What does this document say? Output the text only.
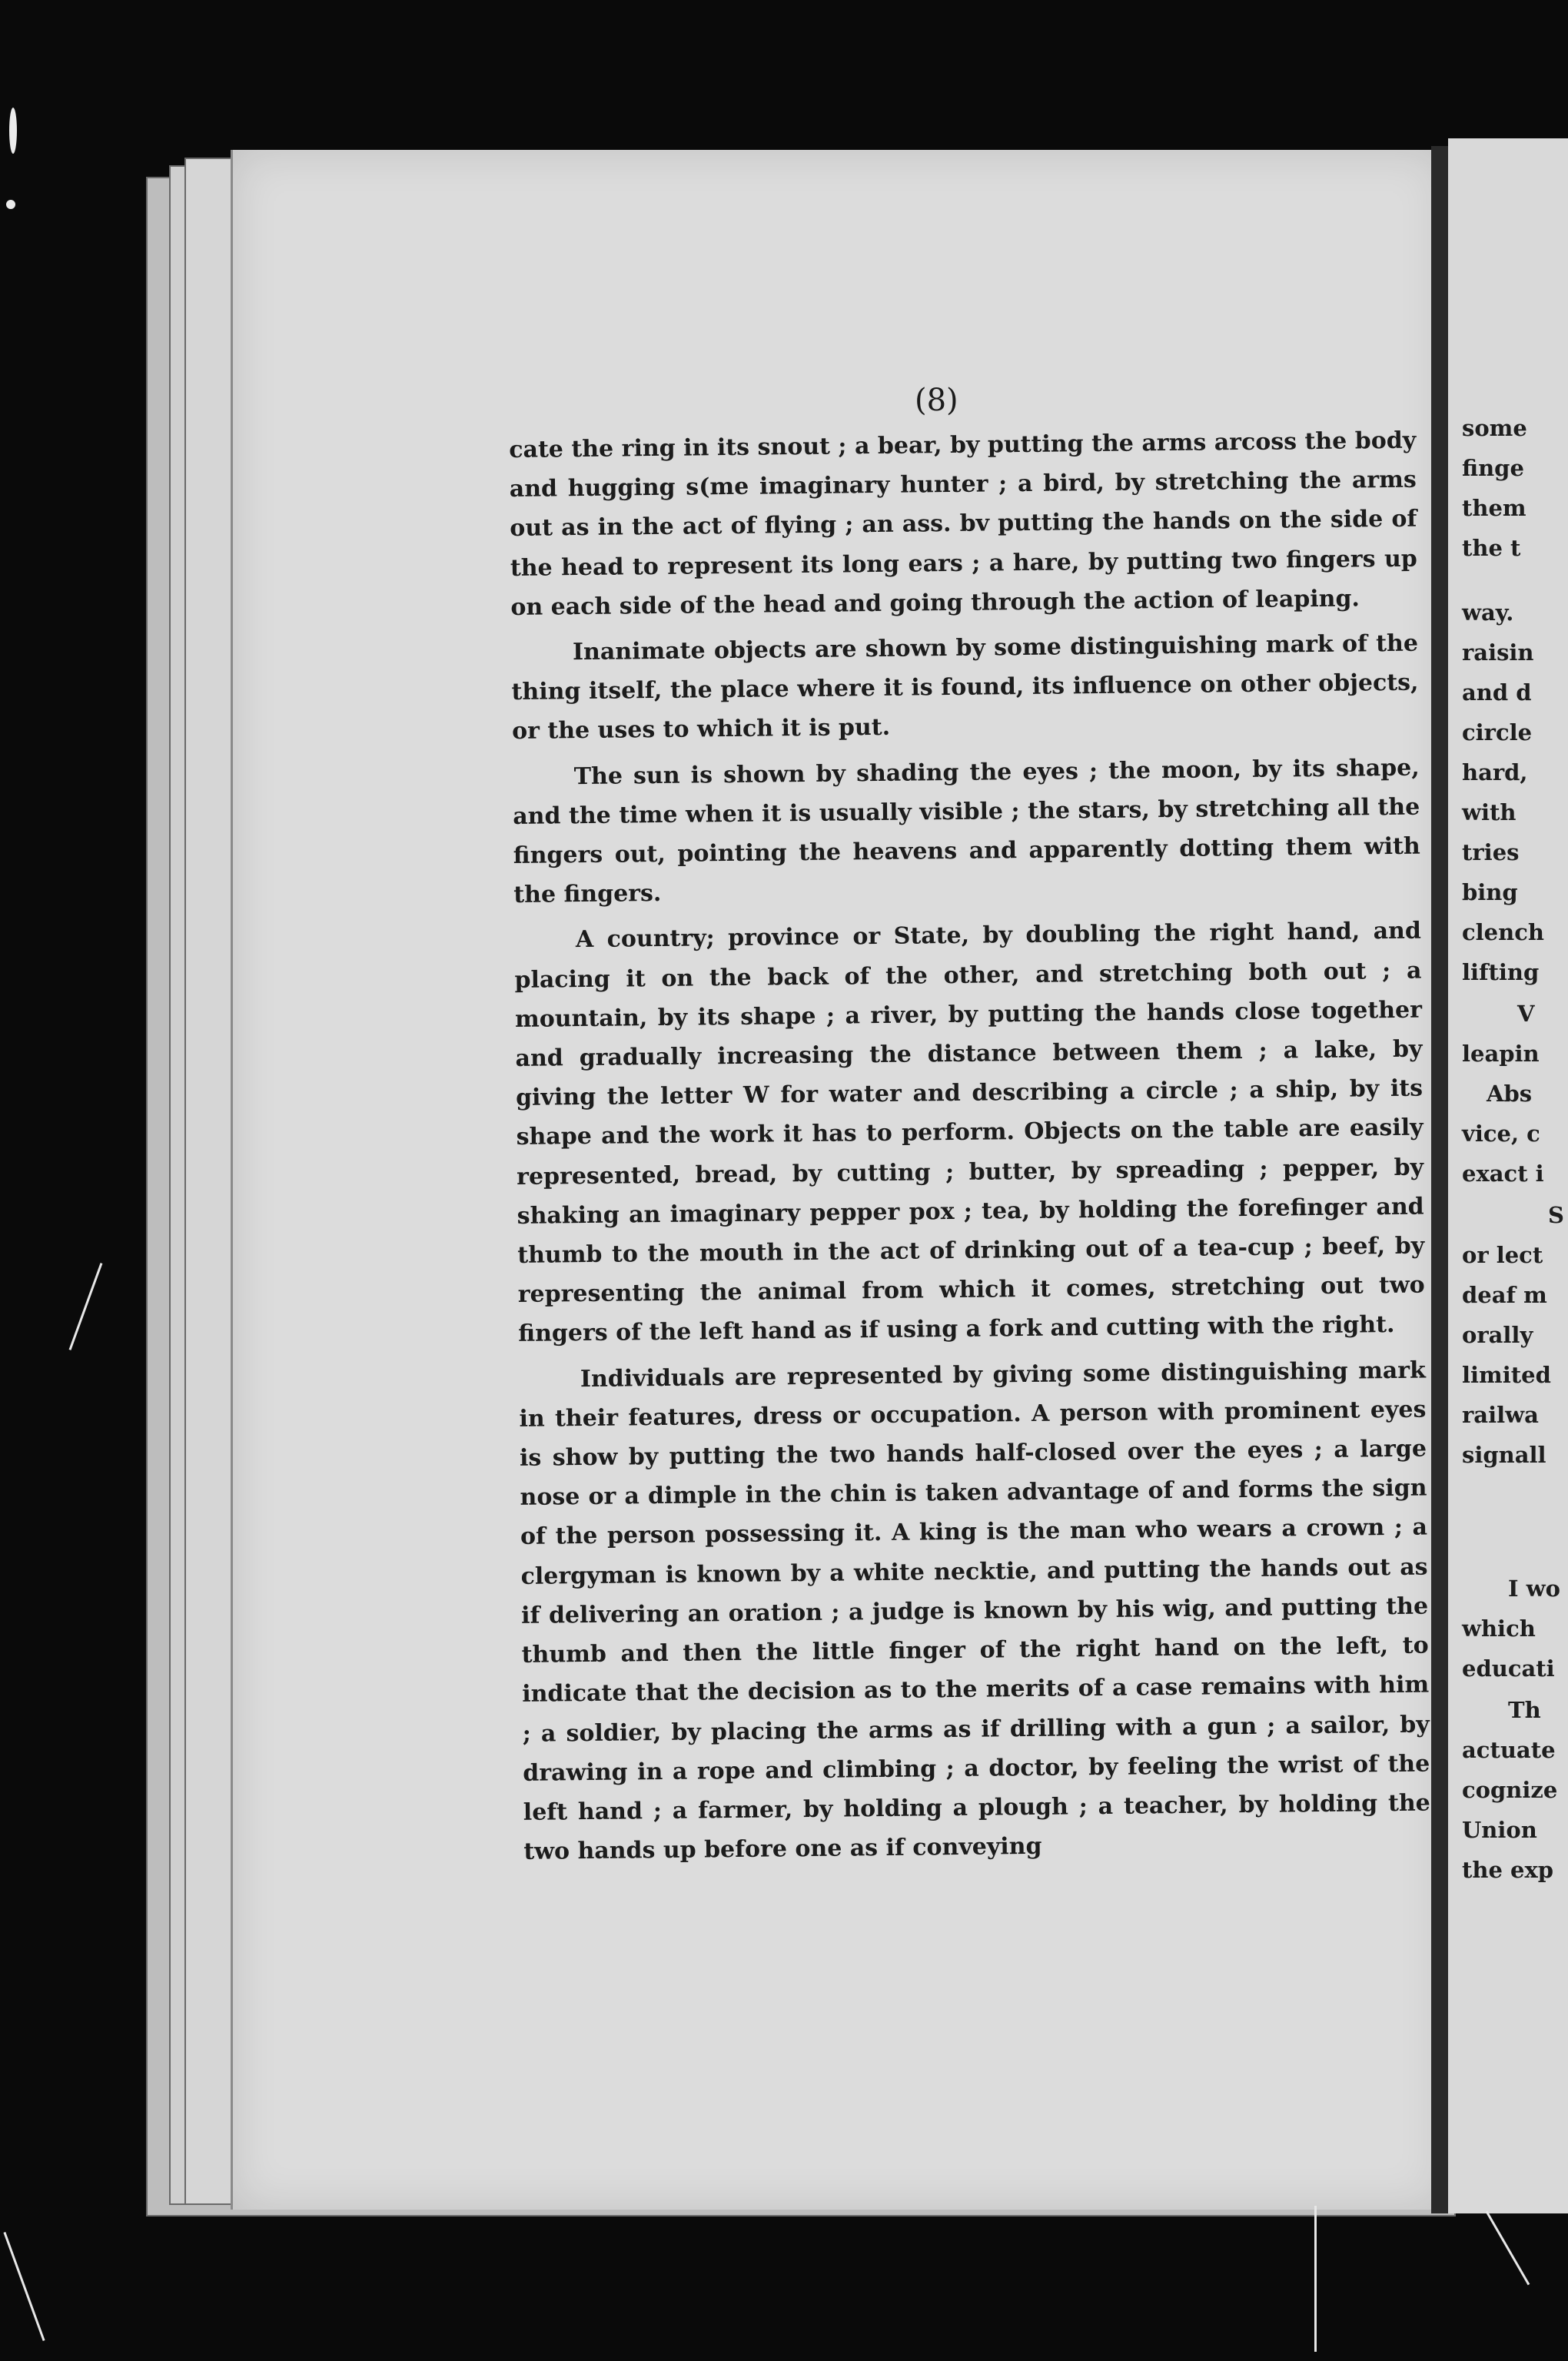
(8)

cate the ring in its snout ; a bear, by putting the arms arcoss the body and hugging s(me imaginary hunter ; a bird, by stretching the arms out as in the act of flying ; an ass. bv putting the hands on the side of the head to represent its long ears ; a hare, by putting two fingers up on each side of the head and going through the action of leaping.

Inanimate objects are shown by some distinguishing mark of the thing itself, the place where it is found, its influence on other objects, or the uses to which it is put.

The sun is shown by shading the eyes ; the moon, by its shape, and the time when it is usually visible ; the stars, by stretching all the fingers out, pointing the heavens and apparently dotting them with the fingers.

A country; province or State, by doubling the right hand, and placing it on the back of the other, and stretching both out ; a mountain, by its shape ; a river, by putting the hands close together and gradually increasing the distance between them ; a lake, by giving the letter W for water and describing a circle ; a ship, by its shape and the work it has to perform. Objects on the table are easily represented, bread, by cutting ; butter, by spreading ; pepper, by shaking an imaginary pepper pox ; tea, by holding the forefinger and thumb to the mouth in the act of drinking out of a tea-cup ; beef, by representing the animal from which it comes, stretching out two fingers of the left hand as if using a fork and cutting with the right.

Individuals are represented by giving some distinguishing mark in their features, dress or occupation. A person with prominent eyes is show by putting the two hands half-closed over the eyes ; a large nose or a dimple in the chin is taken advantage of and forms the sign of the person possessing it. A king is the man who wears a crown ; a clergyman is known by a white necktie, and putting the hands out as if delivering an oration ; a judge is known by his wig, and putting the thumb and then the little finger of the right hand on the left, to indicate that the decision as to the merits of a case remains with him ; a soldier, by placing the arms as if drilling with a gun ; a sailor, by drawing in a rope and climbing ; a doctor, by feeling the wrist of the left hand ; a farmer, by holding a plough ; a teacher, by holding the two hands up before one as if conveying

some
finge
them
the t
way.
raisin
and d
circle
hard,
with
tries
bing
clench
lifting
V
leapin
Abs
vice, c
exact i
S
or lect
deaf m
orally
limited
railwa
signall
I wo
which
educati
Th
actuate
cognize
Union
the exp
